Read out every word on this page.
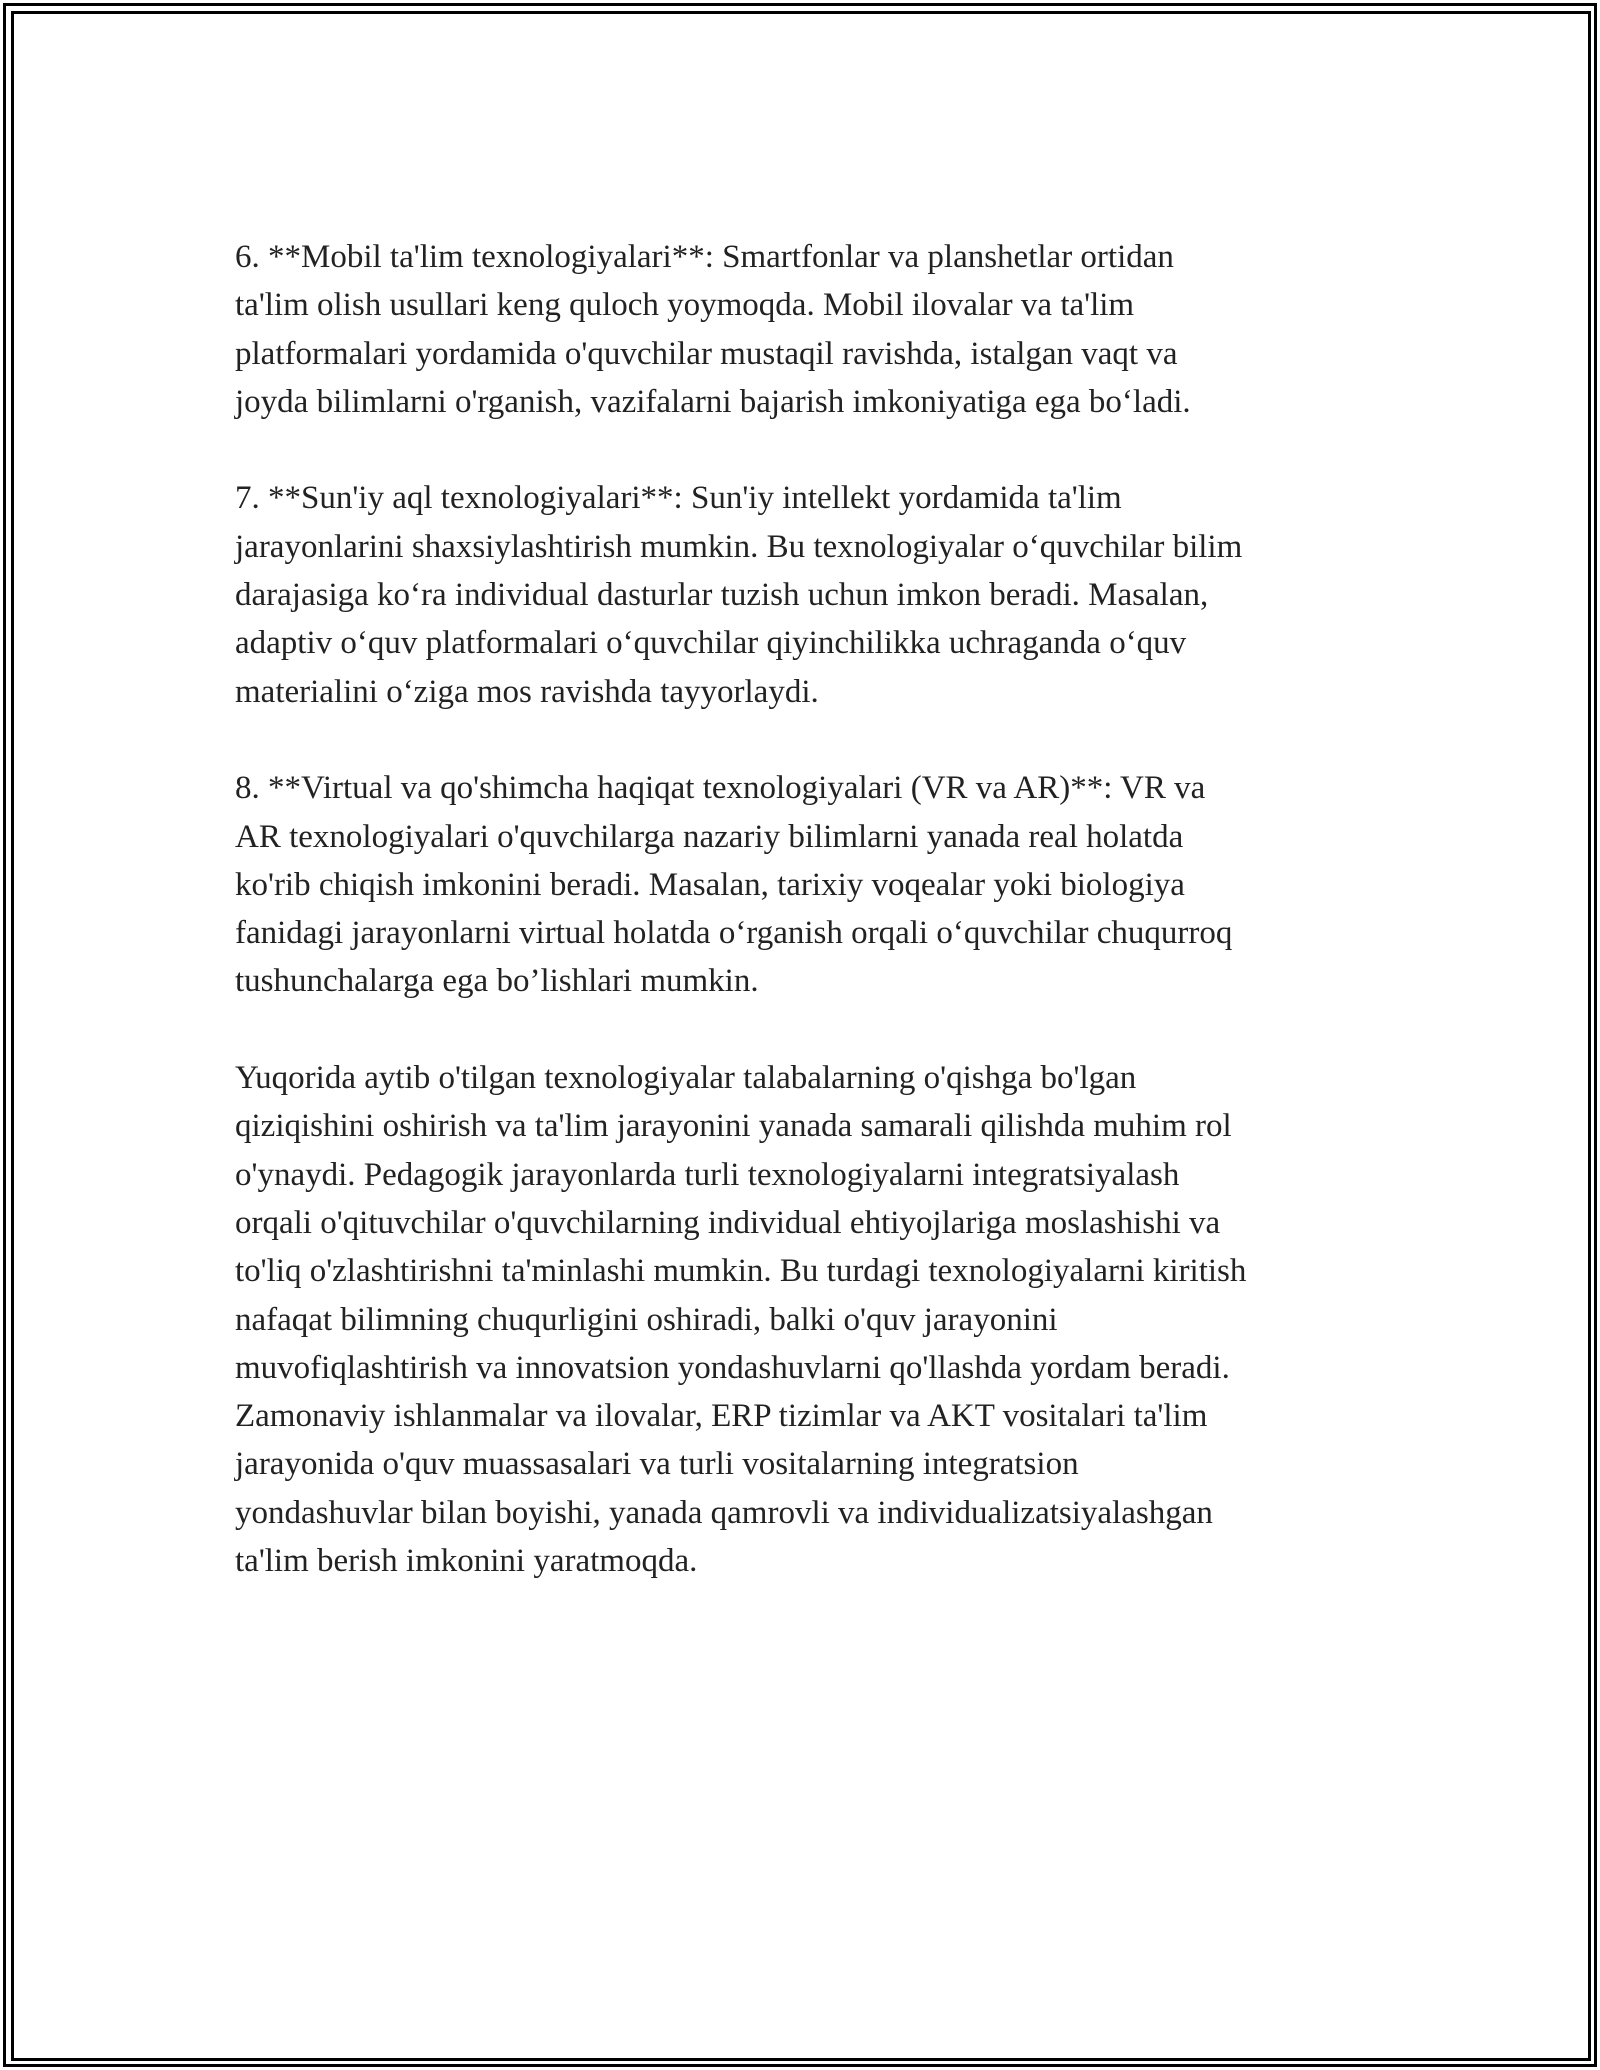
6. **Mobil ta'lim texnologiyalari**: Smartfonlar va planshetlar ortidan
ta'lim olish usullari keng quloch yoymoqda. Mobil ilovalar va ta'lim
platformalari yordamida o'quvchilar mustaqil ravishda, istalgan vaqt va
joyda bilimlarni o'rganish, vazifalarni bajarish imkoniyatiga ega bo‘ladi.

7. **Sun'iy aql texnologiyalari**: Sun'iy intellekt yordamida ta'lim
jarayonlarini shaxsiylashtirish mumkin. Bu texnologiyalar o‘quvchilar bilim
darajasiga ko‘ra individual dasturlar tuzish uchun imkon beradi. Masalan,
adaptiv o‘quv platformalari o‘quvchilar qiyinchilikka uchraganda o‘quv
materialini o‘ziga mos ravishda tayyorlaydi.

8. **Virtual va qo'shimcha haqiqat texnologiyalari (VR va AR)**: VR va
AR texnologiyalari o'quvchilarga nazariy bilimlarni yanada real holatda
ko'rib chiqish imkonini beradi. Masalan, tarixiy voqealar yoki biologiya
fanidagi jarayonlarni virtual holatda o‘rganish orqali o‘quvchilar chuqurroq
tushunchalarga ega bo’lishlari mumkin.

Yuqorida aytib o'tilgan texnologiyalar talabalarning o'qishga bo'lgan
qiziqishini oshirish va ta'lim jarayonini yanada samarali qilishda muhim rol
o'ynaydi. Pedagogik jarayonlarda turli texnologiyalarni integratsiyalash
orqali o'qituvchilar o'quvchilarning individual ehtiyojlariga moslashishi va
to'liq o'zlashtirishni ta'minlashi mumkin. Bu turdagi texnologiyalarni kiritish
nafaqat bilimning chuqurligini oshiradi, balki o'quv jarayonini
muvofiqlashtirish va innovatsion yondashuvlarni qo'llashda yordam beradi.
Zamonaviy ishlanmalar va ilovalar, ERP tizimlar va AKT vositalari ta'lim
jarayonida o'quv muassasalari va turli vositalarning integratsion
yondashuvlar bilan boyishi, yanada qamrovli va individualizatsiyalashgan
ta'lim berish imkonini yaratmoqda.
